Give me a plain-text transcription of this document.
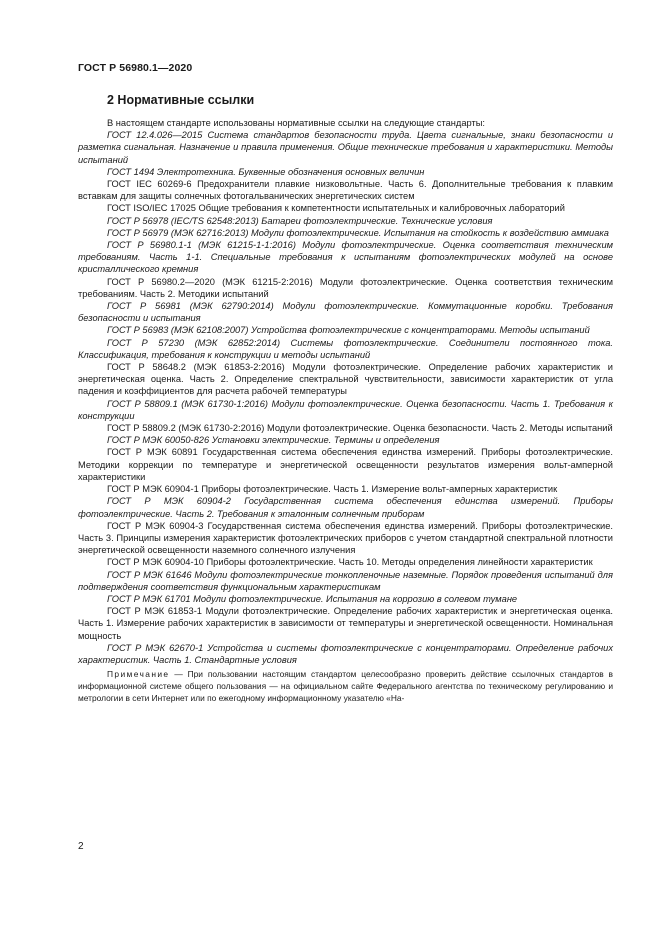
ГОСТ Р 56980.1—2020
2 Нормативные ссылки

В настоящем стандарте использованы нормативные ссылки на следующие стандарты:

ГОСТ 12.4.026—2015 Система стандартов безопасности труда. Цвета сигнальные, знаки безопасности и разметка сигнальная. Назначение и правила применения. Общие технические требования и характеристики. Методы испытаний

ГОСТ 1494 Электротехника. Буквенные обозначения основных величин

ГОСТ IEC 60269-6 Предохранители плавкие низковольтные. Часть 6. Дополнительные требования к плавким вставкам для защиты солнечных фотогальванических энергетических систем

ГОСТ ISO/IEC 17025 Общие требования к компетентности испытательных и калибровочных лабораторий

ГОСТ Р 56978 (IEC/TS 62548:2013) Батареи фотоэлектрические. Технические условия

ГОСТ Р 56979 (МЭК 62716:2013) Модули фотоэлектрические. Испытания на стойкость к воздействию аммиака

ГОСТ Р 56980.1-1 (МЭК 61215-1-1:2016) Модули фотоэлектрические. Оценка соответствия техническим требованиям. Часть 1-1. Специальные требования к испытаниям фотоэлектрических модулей на основе кристаллического кремния

ГОСТ Р 56980.2—2020 (МЭК 61215-2:2016) Модули фотоэлектрические. Оценка соответствия техническим требованиям. Часть 2. Методики испытаний

ГОСТ Р 56981 (МЭК 62790:2014) Модули фотоэлектрические. Коммутационные коробки. Требования безопасности и испытания

ГОСТ Р 56983 (МЭК 62108:2007) Устройства фотоэлектрические с концентраторами. Методы испытаний

ГОСТ Р 57230 (МЭК 62852:2014) Системы фотоэлектрические. Соединители постоянного тока. Классификация, требования к конструкции и методы испытаний

ГОСТ Р 58648.2 (МЭК 61853-2:2016) Модули фотоэлектрические. Определение рабочих характеристик и энергетическая оценка. Часть 2. Определение спектральной чувствительности, зависимости характеристик от угла падения и коэффициентов для расчета рабочей температуры

ГОСТ Р 58809.1 (МЭК 61730-1:2016) Модули фотоэлектрические. Оценка безопасности. Часть 1. Требования к конструкции

ГОСТ Р 58809.2 (МЭК 61730-2:2016) Модули фотоэлектрические. Оценка безопасности. Часть 2. Методы испытаний

ГОСТ Р МЭК 60050-826 Установки электрические. Термины и определения

ГОСТ Р МЭК 60891 Государственная система обеспечения единства измерений. Приборы фотоэлектрические. Методики коррекции по температуре и энергетической освещенности результатов измерения вольт-амперной характеристики

ГОСТ Р МЭК 60904-1 Приборы фотоэлектрические. Часть 1. Измерение вольт-амперных характеристик

ГОСТ Р МЭК 60904-2 Государственная система обеспечения единства измерений. Приборы фотоэлектрические. Часть 2. Требования к эталонным солнечным приборам

ГОСТ Р МЭК 60904-3 Государственная система обеспечения единства измерений. Приборы фотоэлектрические. Часть 3. Принципы измерения характеристик фотоэлектрических приборов с учетом стандартной спектральной плотности энергетической освещенности наземного солнечного излучения

ГОСТ Р МЭК 60904-10 Приборы фотоэлектрические. Часть 10. Методы определения линейности характеристик

ГОСТ Р МЭК 61646 Модули фотоэлектрические тонкопленочные наземные. Порядок проведения испытаний для подтверждения соответствия функциональным характеристикам

ГОСТ Р МЭК 61701 Модули фотоэлектрические. Испытания на коррозию в солевом тумане

ГОСТ Р МЭК 61853-1 Модули фотоэлектрические. Определение рабочих характеристик и энергетическая оценка. Часть 1. Измерение рабочих характеристик в зависимости от температуры и энергетической освещенности. Номинальная мощность

ГОСТ Р МЭК 62670-1 Устройства и системы фотоэлектрические с концентраторами. Определение рабочих характеристик. Часть 1. Стандартные условия

Примечание — При пользовании настоящим стандартом целесообразно проверить действие ссылочных стандартов в информационной системе общего пользования — на официальном сайте Федерального агентства по техническому регулированию и метрологии в сети Интернет или по ежегодному информационному указателю «На-

2
